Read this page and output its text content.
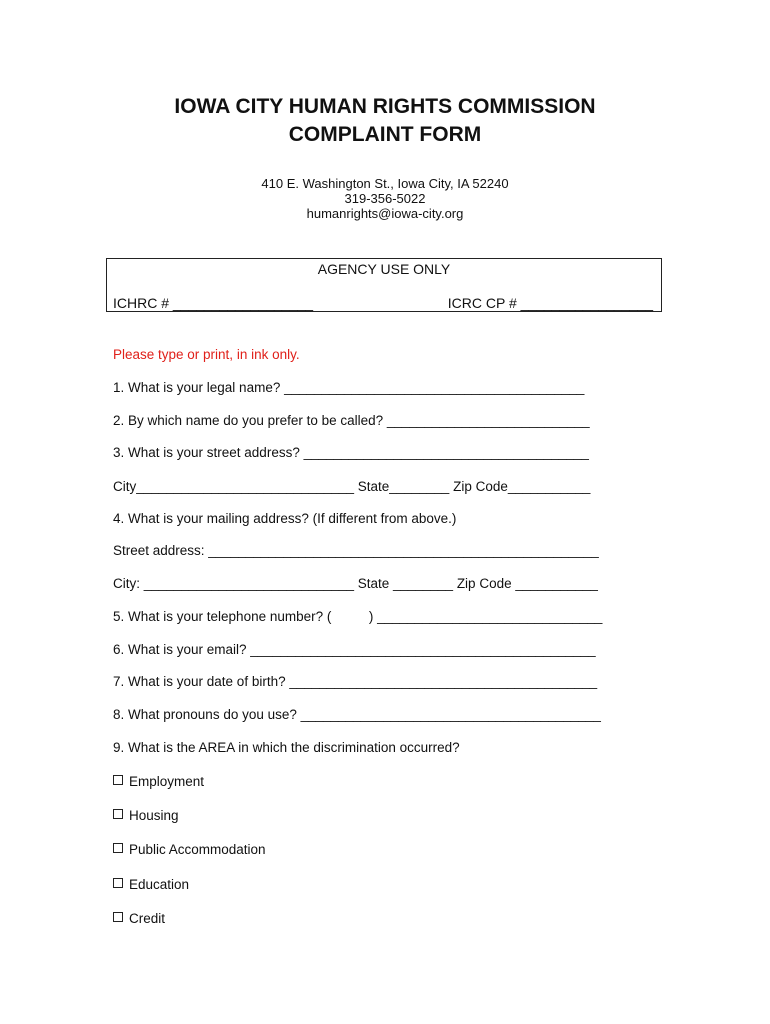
IOWA CITY HUMAN RIGHTS COMMISSION
COMPLAINT FORM
410 E. Washington St., Iowa City, IA 52240
319-356-5022
humanrights@iowa-city.org
AGENCY USE ONLY
ICHRC # __________________	ICRC CP # _________________
Please type or print, in ink only.
1. What is your legal name? ________________________________________
2. By which name do you prefer to be called? ___________________________
3. What is your street address? ______________________________________
City_____________________________ State________ Zip Code___________
4. What is your mailing address? (If different from above.)
Street address: ____________________________________________________
City: ____________________________ State ________ Zip Code ___________
5. What is your telephone number? (          ) ______________________________
6. What is your email? ______________________________________________
7. What is your date of birth? _________________________________________
8. What pronouns do you use? ________________________________________
9. What is the AREA in which the discrimination occurred?
Employment
Housing
Public Accommodation
Education
Credit
